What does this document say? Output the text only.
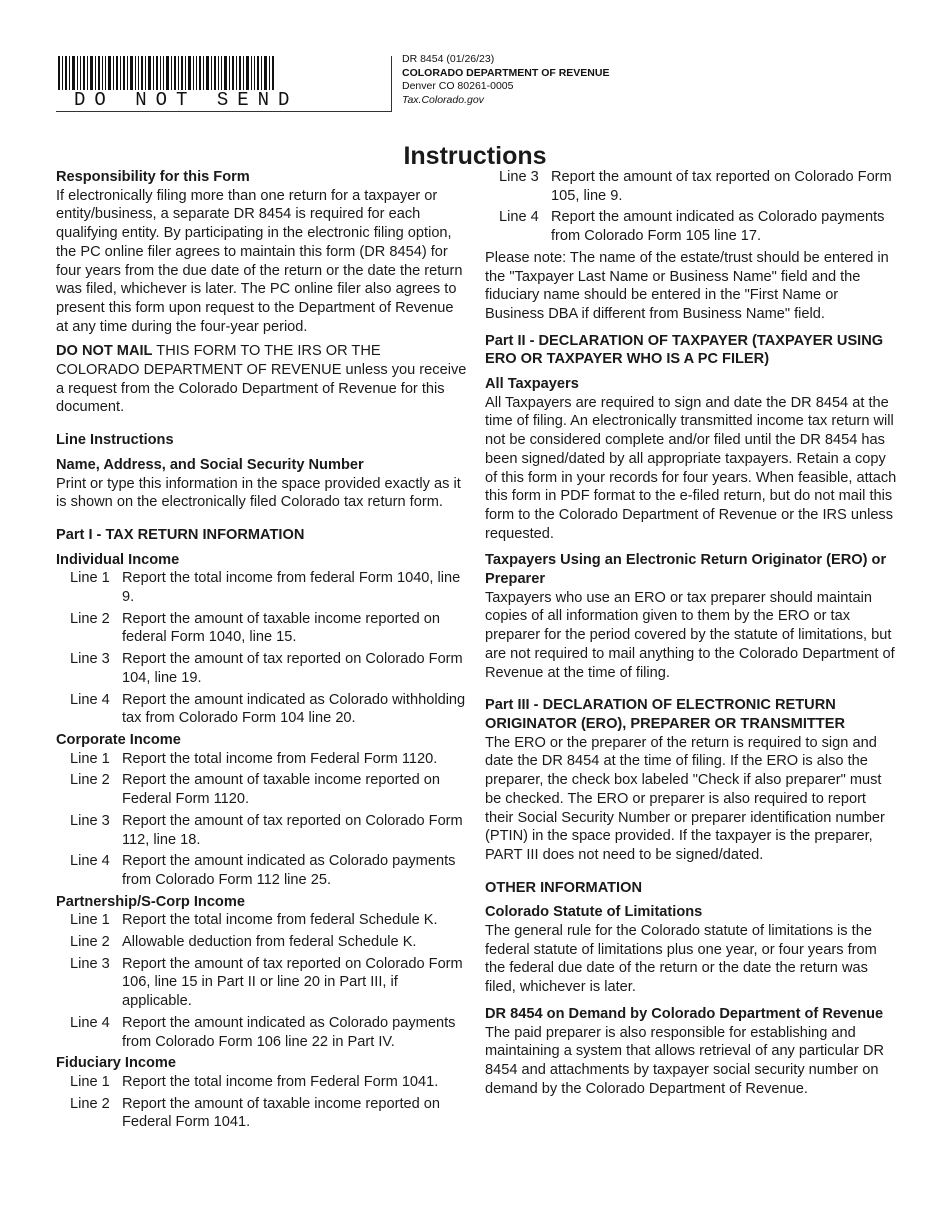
DO NOT SEND
DR 8454 (01/26/23)
COLORADO DEPARTMENT OF REVENUE
Denver CO 80261-0005
Tax.Colorado.gov
Instructions
Responsibility for this Form

If electronically filing more than one return for a taxpayer or entity/business, a separate DR 8454 is required for each qualifying entity. By participating in the electronic filing option, the PC online filer agrees to maintain this form (DR 8454) for four years from the due date of the return or the date the return was filed, whichever is later. The PC online filer also agrees to present this form upon request to the Department of Revenue at any time during the four-year period.

DO NOT MAIL THIS FORM TO THE IRS OR THE COLORADO DEPARTMENT OF REVENUE unless you receive a request from the Colorado Department of Revenue for this document.

Line Instructions
Name, Address, and Social Security Number

Print or type this information in the space provided exactly as it is shown on the electronically filed Colorado tax return form.

Part I - TAX RETURN INFORMATION
Individual Income
Line 1 Report the total income from federal Form 1040, line 9.
Line 2 Report the amount of taxable income reported on federal Form 1040, line 15.
Line 3 Report the amount of tax reported on Colorado Form 104, line 19.
Line 4 Report the amount indicated as Colorado withholding tax from Colorado Form 104 line 20.
Corporate Income
Line 1 Report the total income from Federal Form 1120.
Line 2 Report the amount of taxable income reported on Federal Form 1120.
Line 3 Report the amount of tax reported on Colorado Form 112, line 18.
Line 4 Report the amount indicated as Colorado payments from Colorado Form 112 line 25.
Partnership/S-Corp Income
Line 1 Report the total income from federal Schedule K.
Line 2 Allowable deduction from federal Schedule K.
Line 3 Report the amount of tax reported on Colorado Form 106, line 15 in Part II or line 20 in Part III, if applicable.
Line 4 Report the amount indicated as Colorado payments from Colorado Form 106 line 22 in Part IV.
Fiduciary Income
Line 1 Report the total income from Federal Form 1041.
Line 2 Report the amount of taxable income reported on Federal Form 1041.
Line 3 Report the amount of tax reported on Colorado Form 105, line 9.
Line 4 Report the amount indicated as Colorado payments from Colorado Form 105 line 17.

Please note: The name of the estate/trust should be entered in the "Taxpayer Last Name or Business Name" field and the fiduciary name should be entered in the "First Name or Business DBA if different from Business Name" field.

Part II - DECLARATION OF TAXPAYER (TAXPAYER USING ERO OR TAXPAYER WHO IS A PC FILER)
All Taxpayers

All Taxpayers are required to sign and date the DR 8454 at the time of filing. An electronically transmitted income tax return will not be considered complete and/or filed until the DR 8454 has been signed/dated by all appropriate taxpayers. Retain a copy of this form in your records for four years. When feasible, attach this form in PDF format to the e-filed return, but do not mail this form to the Colorado Department of Revenue or the IRS unless requested.

Taxpayers Using an Electronic Return Originator (ERO) or Preparer

Taxpayers who use an ERO or tax preparer should maintain copies of all information given to them by the ERO or tax preparer for the period covered by the statute of limitations, but are not required to mail anything to the Colorado Department of Revenue at the time of filing.

Part III - DECLARATION OF ELECTRONIC RETURN ORIGINATOR (ERO), PREPARER OR TRANSMITTER

The ERO or the preparer of the return is required to sign and date the DR 8454 at the time of filing. If the ERO is also the preparer, the check box labeled "Check if also preparer" must be checked. The ERO or preparer is also required to report their Social Security Number or preparer identification number (PTIN) in the space provided. If the taxpayer is the preparer, PART III does not need to be signed/dated.

OTHER INFORMATION
Colorado Statute of Limitations

The general rule for the Colorado statute of limitations is the federal statute of limitations plus one year, or four years from the federal due date of the return or the date the return was filed, whichever is later.

DR 8454 on Demand by Colorado Department of Revenue

The paid preparer is also responsible for establishing and maintaining a system that allows retrieval of any particular DR 8454 and attachments by taxpayer social security number on demand by the Colorado Department of Revenue.
